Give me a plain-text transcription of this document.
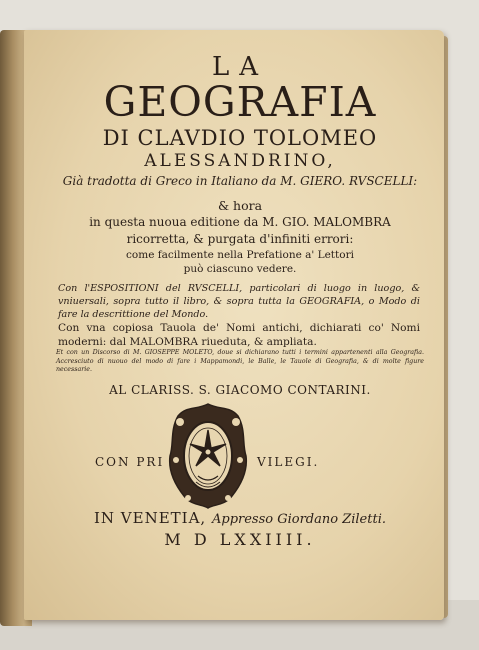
LA
GEOGRAFIA
DI CLAVDIO TOLOMEO
ALESSANDRINO,
Già tradotta di Greco in Italiano da M. GIERO. RVSCELLI:
& hora
in questa nuoua editione da M. GIO. MALOMBRA
ricorretta, & purgata d'infiniti errori:
come facilmente nella Prefatione a' Lettori
può ciascuno vedere.
Con l'ESPOSITIONI del RVSCELLI, particolari di luogo in luogo, & vniuersali, sopra tutto il libro, & sopra tutta la GEOGRAFIA, o Modo di fare la descrittione del Mondo.
Con vna copiosa Tauola de' Nomi antichi, dichiarati co' Nomi moderni: dal MALOMBRA riueduta, & ampliata.
Et con un Discorso di M. GIOSEPPE MOLETO, doue si dichiarano tutti i termini appartenenti alla Geografia. Accresciuto di nuouo del modo di fare i Mappamondi, le Balle, le Tauole di Geografia, & di molte figure necessarie.
AL CLARISS. S. GIACOMO CONTARINI.
CON PRI	VILEGI.
IN VENETIA, Appresso Giordano Ziletti.
M D LXXIIII.
